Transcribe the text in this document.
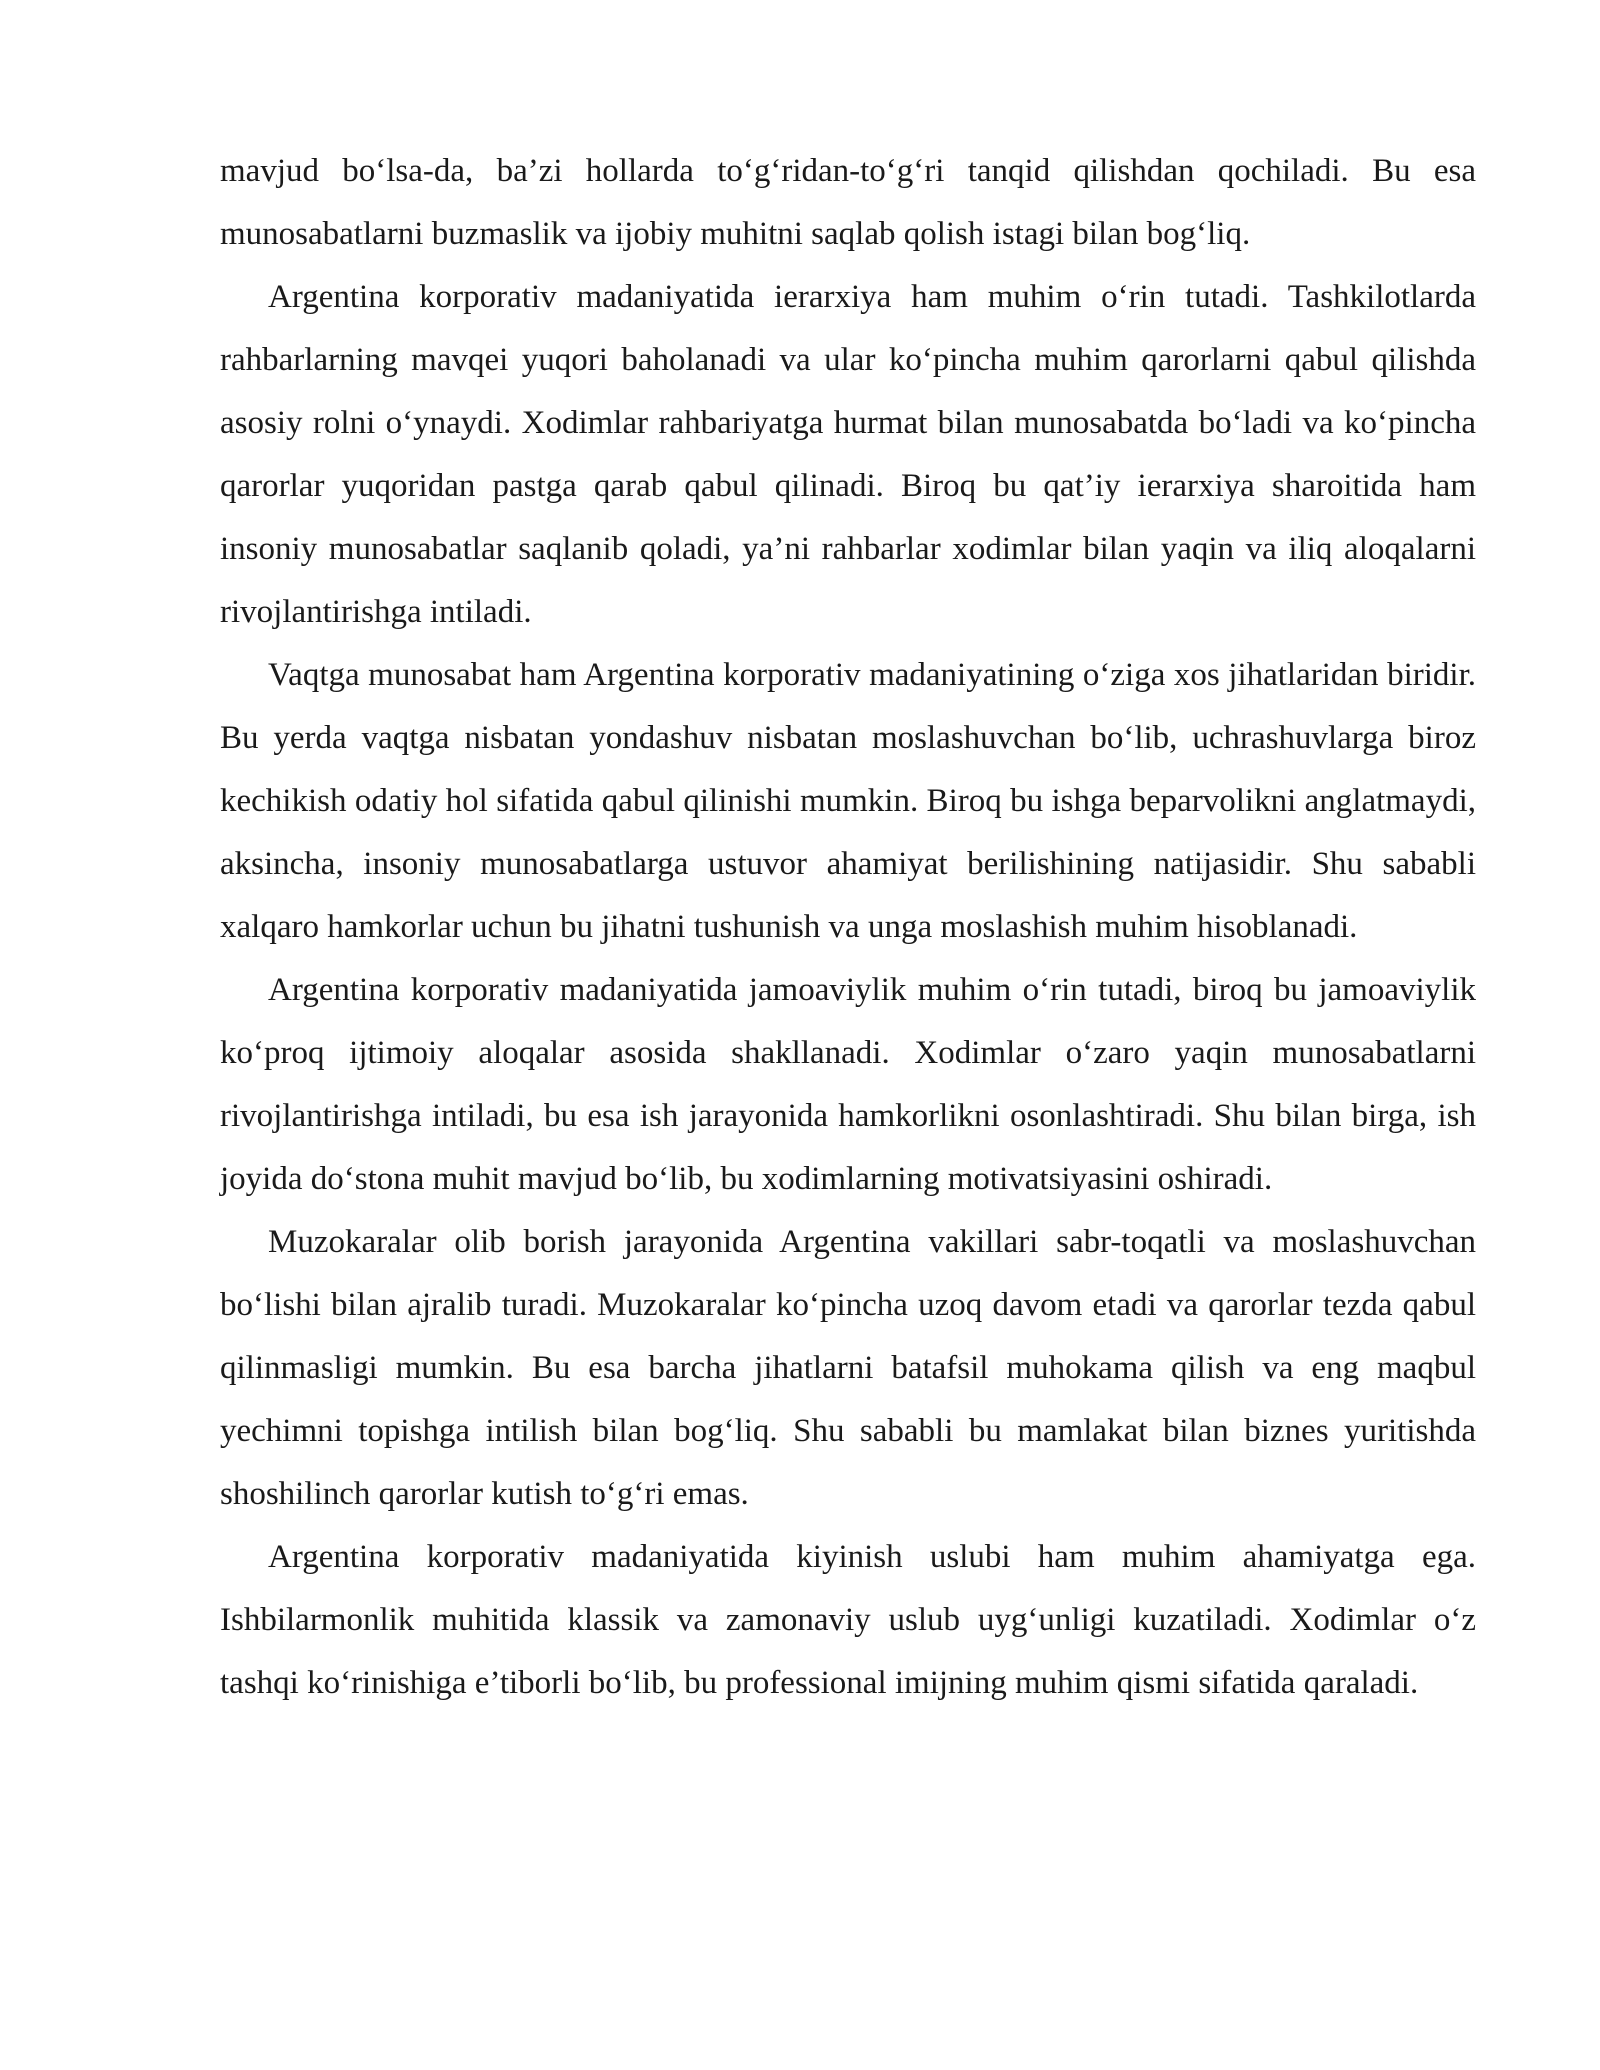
mavjud bo‘lsa-da, ba’zi hollarda to‘g‘ridan-to‘g‘ri tanqid qilishdan qochiladi. Bu esa munosabatlarni buzmaslik va ijobiy muhitni saqlab qolish istagi bilan bog‘liq.

Argentina korporativ madaniyatida ierarxiya ham muhim o‘rin tutadi. Tashkilotlarda rahbarlarning mavqei yuqori baholanadi va ular ko‘pincha muhim qarorlarni qabul qilishda asosiy rolni o‘ynaydi. Xodimlar rahbariyatga hurmat bilan munosabatda bo‘ladi va ko‘pincha qarorlar yuqoridan pastga qarab qabul qilinadi. Biroq bu qat’iy ierarxiya sharoitida ham insoniy munosabatlar saqlanib qoladi, ya’ni rahbarlar xodimlar bilan yaqin va iliq aloqalarni rivojlantirishga intiladi.

Vaqtga munosabat ham Argentina korporativ madaniyatining o‘ziga xos jihatlaridan biridir. Bu yerda vaqtga nisbatan yondashuv nisbatan moslashuvchan bo‘lib, uchrashuvlarga biroz kechikish odatiy hol sifatida qabul qilinishi mumkin. Biroq bu ishga beparvolikni anglatmaydi, aksincha, insoniy munosabatlarga ustuvor ahamiyat berilishining natijasidir. Shu sababli xalqaro hamkorlar uchun bu jihatni tushunish va unga moslashish muhim hisoblanadi.

Argentina korporativ madaniyatida jamoaviylik muhim o‘rin tutadi, biroq bu jamoaviylik ko‘proq ijtimoiy aloqalar asosida shakllanadi. Xodimlar o‘zaro yaqin munosabatlarni rivojlantirishga intiladi, bu esa ish jarayonida hamkorlikni osonlashtiradi. Shu bilan birga, ish joyida do‘stona muhit mavjud bo‘lib, bu xodimlarning motivatsiyasini oshiradi.

Muzokaralar olib borish jarayonida Argentina vakillari sabr-toqatli va moslashuvchan bo‘lishi bilan ajralib turadi. Muzokaralar ko‘pincha uzoq davom etadi va qarorlar tezda qabul qilinmasligi mumkin. Bu esa barcha jihatlarni batafsil muhokama qilish va eng maqbul yechimni topishga intilish bilan bog‘liq. Shu sababli bu mamlakat bilan biznes yuritishda shoshilinch qarorlar kutish to‘g‘ri emas.

Argentina korporativ madaniyatida kiyinish uslubi ham muhim ahamiyatga ega. Ishbilarmonlik muhitida klassik va zamonaviy uslub uyg‘unligi kuzatiladi. Xodimlar o‘z tashqi ko‘rinishiga e’tiborli bo‘lib, bu professional imijning muhim qismi sifatida qaraladi.
